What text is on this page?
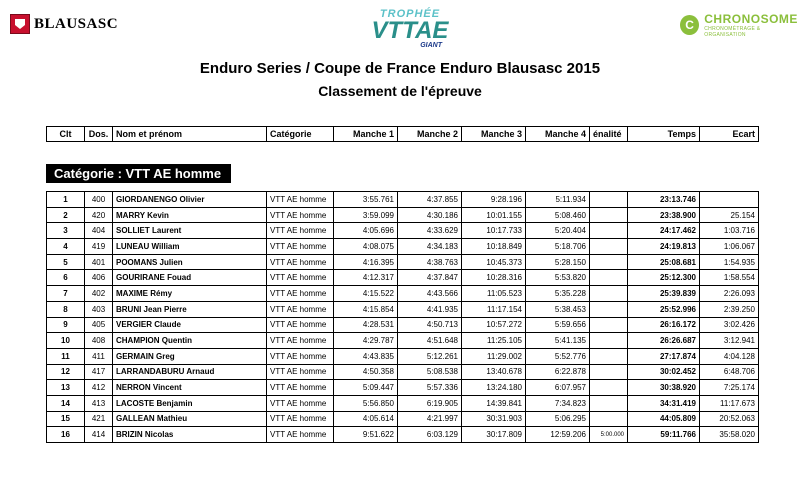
BLAUSASC
TROPHÉE
VTTAE
GIANT
C CHRONOSOME
CHRONOMÉTRAGE & ORGANISATION
Enduro Series / Coupe de France Enduro Blausasc 2015
Classement de l'épreuve
Clt	Dos.	Nom et prénom	Catégorie	Manche 1	Manche 2	Manche 3	Manche 4	énalité	Temps	Ecart
Catégorie : VTT AE homme
1	400	GIORDANENGO Olivier	VTT AE homme	3:55.761	4:37.855	9:28.196	5:11.934		23:13.746	
2	420	MARRY Kevin	VTT AE homme	3:59.099	4:30.186	10:01.155	5:08.460		23:38.900	25.154
3	404	SOLLIET Laurent	VTT AE homme	4:05.696	4:33.629	10:17.733	5:20.404		24:17.462	1:03.716
4	419	LUNEAU William	VTT AE homme	4:08.075	4:34.183	10:18.849	5:18.706		24:19.813	1:06.067
5	401	POOMANS Julien	VTT AE homme	4:16.395	4:38.763	10:45.373	5:28.150		25:08.681	1:54.935
6	406	GOURIRANE Fouad	VTT AE homme	4:12.317	4:37.847	10:28.316	5:53.820		25:12.300	1:58.554
7	402	MAXIME Rémy	VTT AE homme	4:15.522	4:43.566	11:05.523	5:35.228		25:39.839	2:26.093
8	403	BRUNI Jean Pierre	VTT AE homme	4:15.854	4:41.935	11:17.154	5:38.453		25:52.996	2:39.250
9	405	VERGIER Claude	VTT AE homme	4:28.531	4:50.713	10:57.272	5:59.656		26:16.172	3:02.426
10	408	CHAMPION Quentin	VTT AE homme	4:29.787	4:51.648	11:25.105	5:41.135		26:26.687	3:12.941
11	411	GERMAIN Greg	VTT AE homme	4:43.835	5:12.261	11:29.002	5:52.776		27:17.874	4:04.128
12	417	LARRANDABURU Arnaud	VTT AE homme	4:50.358	5:08.538	13:40.678	6:22.878		30:02.452	6:48.706
13	412	NERRON Vincent	VTT AE homme	5:09.447	5:57.336	13:24.180	6:07.957		30:38.920	7:25.174
14	413	LACOSTE Benjamin	VTT AE homme	5:56.850	6:19.905	14:39.841	7:34.823		34:31.419	11:17.673
15	421	GALLEAN Mathieu	VTT AE homme	4:05.614	4:21.997	30:31.903	5:06.295		44:05.809	20:52.063
16	414	BRIZIN Nicolas	VTT AE homme	9:51.622	6:03.129	30:17.809	12:59.206	5:00.000	59:11.766	35:58.020
